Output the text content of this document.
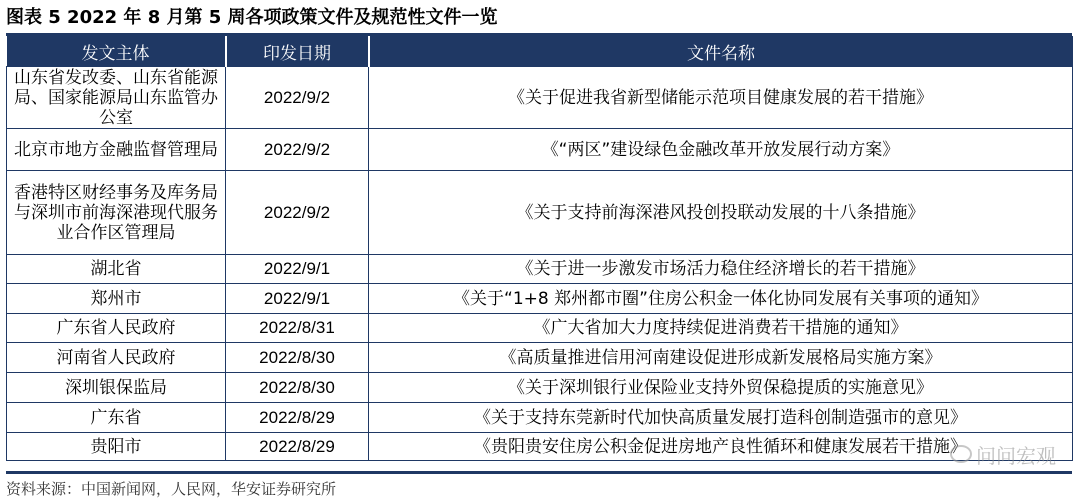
图表 5 2022 年 8 月第 5 周各项政策文件及规范性文件一览
发文主体	印发日期	文件名称
山东省发改委、山东省能源局、国家能源局山东监管办公室	2022/9/2	《关于促进我省新型储能示范项目健康发展的若干措施》
北京市地方金融监督管理局	2022/9/2	《“两区”建设绿色金融改革开放发展行动方案》
香港特区财经事务及库务局与深圳市前海深港现代服务业合作区管理局	2022/9/2	《关于支持前海深港风投创投联动发展的十八条措施》
湖北省	2022/9/1	《关于进一步激发市场活力稳住经济增长的若干措施》
郑州市	2022/9/1	《关于“1+8 郑州都市圈”住房公积金一体化协同发展有关事项的通知》
广东省人民政府	2022/8/31	《广大省加大力度持续促进消费若干措施的通知》
河南省人民政府	2022/8/30	《高质量推进信用河南建设促进形成新发展格局实施方案》
深圳银保监局	2022/8/30	《关于深圳银行业保险业支持外贸保稳提质的实施意见》
广东省	2022/8/29	《关于支持东莞新时代加快高质量发展打造科创制造强市的意见》
贵阳市	2022/8/29	《贵阳贵安住房公积金促进房地产良性循环和健康发展若干措施》 问问宏观
资料来源：中国新闻网，人民网，华安证券研究所
